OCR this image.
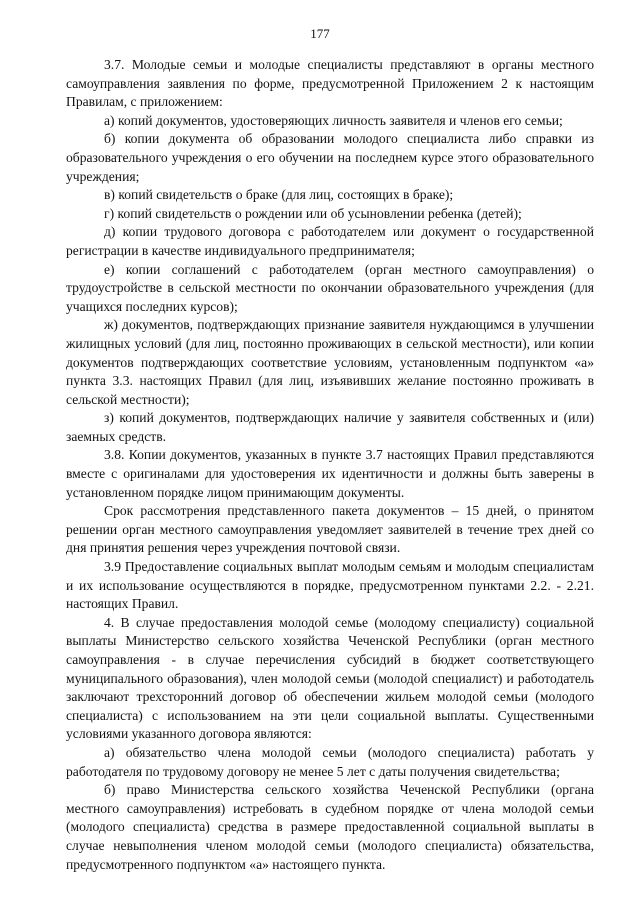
177

3.7. Молодые семьи и молодые специалисты представляют в органы местного самоуправления заявления по форме, предусмотренной Приложением 2 к настоящим Правилам, с приложением:

а) копий документов, удостоверяющих личность заявителя и членов его семьи;

б) копии документа об образовании молодого специалиста либо справки из образовательного учреждения о его обучении на последнем курсе этого образовательного учреждения;

в) копий свидетельств о браке (для лиц, состоящих в браке);

г) копий свидетельств о рождении или об усыновлении ребенка (детей);

д) копии трудового договора с работодателем или документ о государственной регистрации в качестве индивидуального предпринимателя;

е) копии соглашений с работодателем (орган местного самоуправления) о трудоустройстве в сельской местности по окончании образовательного учреждения (для учащихся последних курсов);

ж) документов, подтверждающих признание заявителя нуждающимся в улучшении жилищных условий (для лиц, постоянно проживающих в сельской местности), или копии документов подтверждающих соответствие условиям, установленным подпунктом «а» пункта 3.3. настоящих Правил (для лиц, изъявивших желание постоянно проживать в сельской местности);

з) копий документов, подтверждающих наличие у заявителя собственных и (или) заемных средств.

3.8. Копии документов, указанных в пункте 3.7 настоящих Правил представляются вместе с оригиналами для удостоверения их идентичности и должны быть заверены в установленном порядке лицом принимающим документы.

Срок рассмотрения представленного пакета документов – 15 дней, о принятом решении орган местного самоуправления уведомляет заявителей в течение трех дней со дня принятия решения через учреждения почтовой связи.

3.9 Предоставление социальных выплат молодым семьям и молодым специалистам и их использование осуществляются в порядке, предусмотренном пунктами 2.2. - 2.21. настоящих Правил.

4. В случае предоставления молодой семье (молодому специалисту) социальной выплаты Министерство сельского хозяйства Чеченской Республики (орган местного самоуправления - в случае перечисления субсидий в бюджет соответствующего муниципального образования), член молодой семьи (молодой специалист) и работодатель заключают трехсторонний договор об обеспечении жильем молодой семьи (молодого специалиста) с использованием на эти цели социальной выплаты. Существенными условиями указанного договора являются:

а) обязательство члена молодой семьи (молодого специалиста) работать у работодателя по трудовому договору не менее 5 лет с даты получения свидетельства;

б) право Министерства сельского хозяйства Чеченской Республики (органа местного самоуправления) истребовать в судебном порядке от члена молодой семьи (молодого специалиста) средства в размере предоставленной социальной выплаты в случае невыполнения членом молодой семьи (молодого специалиста) обязательства, предусмотренного подпунктом «а» настоящего пункта.
